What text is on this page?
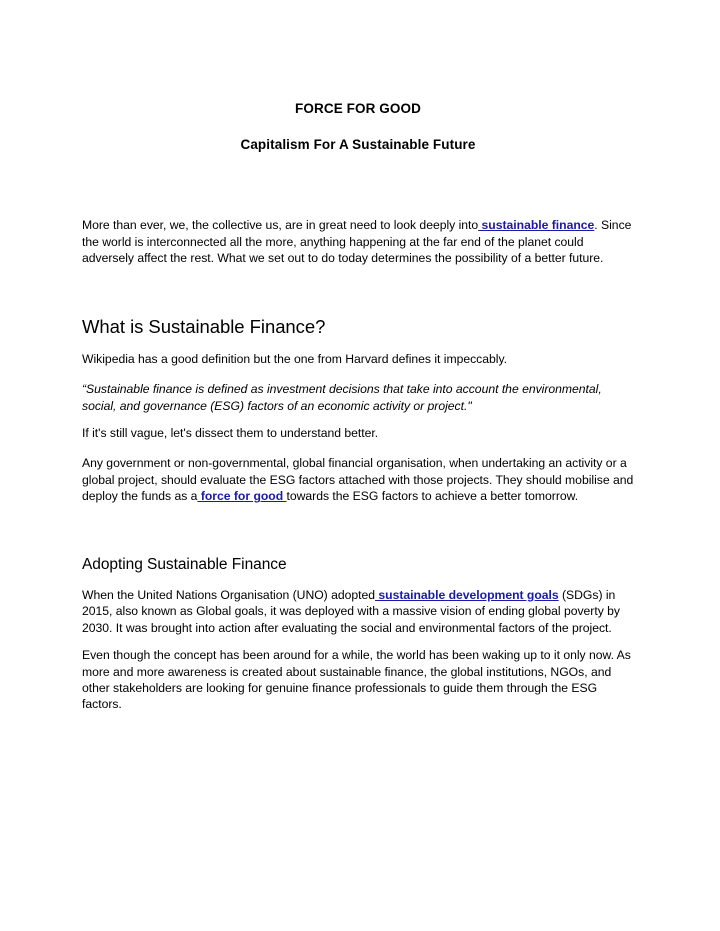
FORCE FOR GOOD
Capitalism For A Sustainable Future

More than ever, we, the collective us, are in great need to look deeply into sustainable finance. Since the world is interconnected all the more, anything happening at the far end of the planet could adversely affect the rest. What we set out to do today determines the possibility of a better future.

What is Sustainable Finance?

Wikipedia has a good definition but the one from Harvard defines it impeccably.

“Sustainable finance is defined as investment decisions that take into account the environmental, social, and governance (ESG) factors of an economic activity or project."

If it's still vague, let's dissect them to understand better.

Any government or non-governmental, global financial organisation, when undertaking an activity or a global project, should evaluate the ESG factors attached with those projects. They should mobilise and deploy the funds as a force for good towards the ESG factors to achieve a better tomorrow.

Adopting Sustainable Finance

When the United Nations Organisation (UNO) adopted sustainable development goals (SDGs) in 2015, also known as Global goals, it was deployed with a massive vision of ending global poverty by 2030. It was brought into action after evaluating the social and environmental factors of the project.

Even though the concept has been around for a while, the world has been waking up to it only now. As more and more awareness is created about sustainable finance, the global institutions, NGOs, and other stakeholders are looking for genuine finance professionals to guide them through the ESG factors.
